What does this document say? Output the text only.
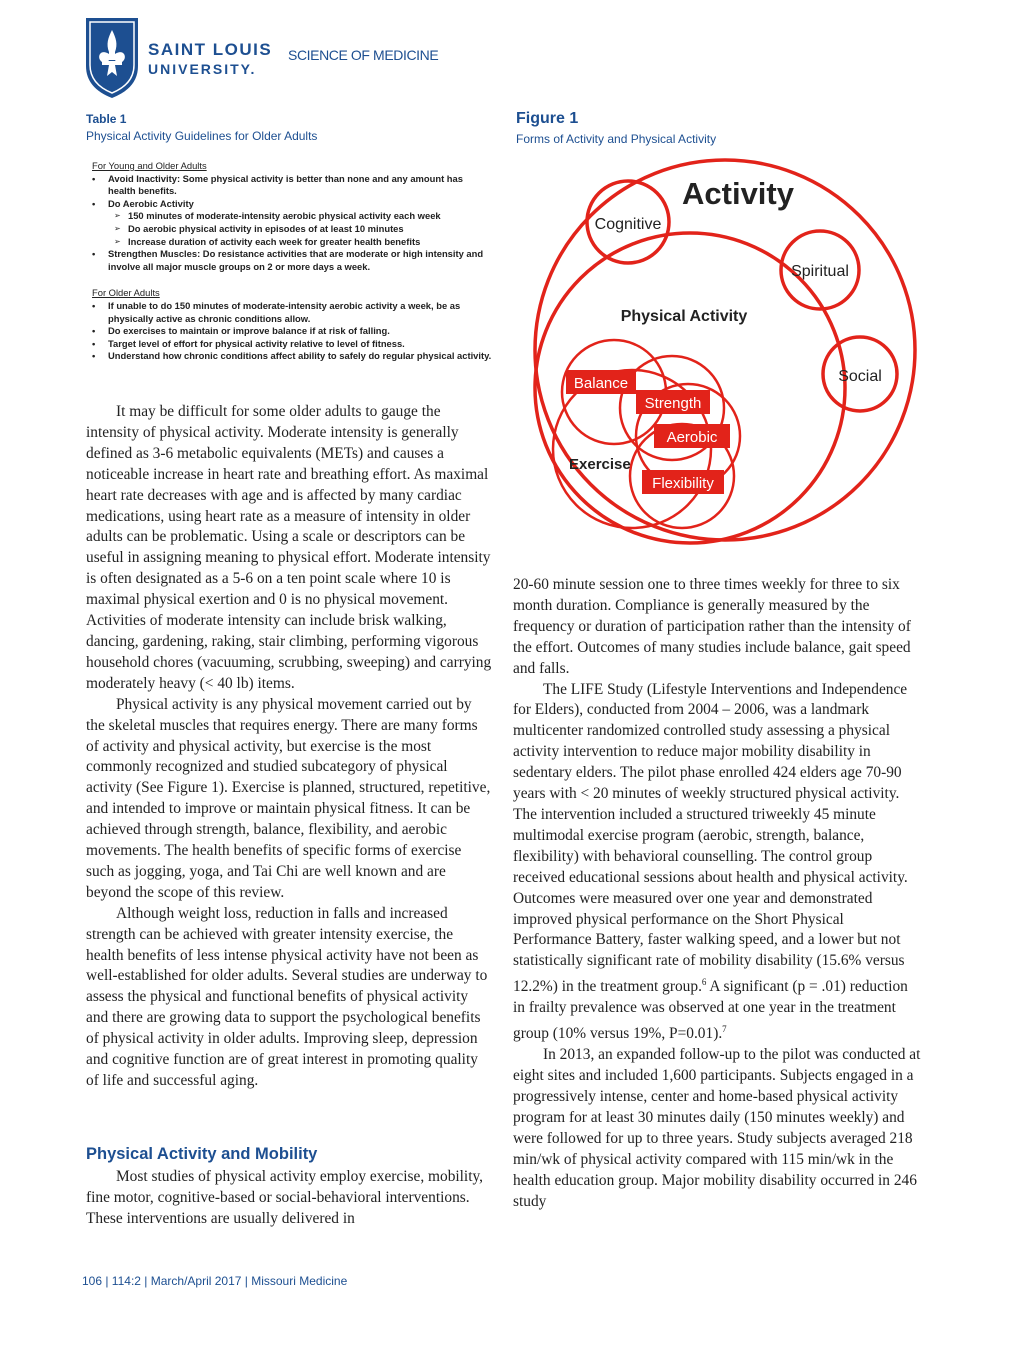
SAINT LOUIS
UNIVERSITY.
SCIENCE OF MEDICINE
Table 1
Physical Activity Guidelines for Older Adults
For Young and Older Adults
• Avoid Inactivity: Some physical activity is better than none and any amount has health benefits.
• Do Aerobic Activity
➢ 150 minutes of moderate-intensity aerobic physical activity each week
➢ Do aerobic physical activity in episodes of at least 10 minutes
➢ Increase duration of activity each week for greater health benefits
• Strengthen Muscles: Do resistance activities that are moderate or high intensity and involve all major muscle groups on 2 or more days a week.
For Older Adults
• If unable to do 150 minutes of moderate-intensity aerobic activity a week, be as physically active as chronic conditions allow.
• Do exercises to maintain or improve balance if at risk of falling.
• Target level of effort for physical activity relative to level of fitness.
• Understand how chronic conditions affect ability to safely do regular physical activity.
Figure 1
Forms of Activity and Physical Activity
Activity
Cognitive
Spiritual
Social
Physical Activity
Balance
Strength
Aerobic
Exercise
Flexibility

It may be difficult for some older adults to gauge the intensity of physical activity. Moderate intensity is generally defined as 3-6 metabolic equivalents (METs) and causes a noticeable increase in heart rate and breathing effort. As maximal heart rate decreases with age and is affected by many cardiac medications, using heart rate as a measure of intensity in older adults can be problematic. Using a scale or descriptors can be useful in assigning meaning to physical effort. Moderate intensity is often designated as a 5-6 on a ten point scale where 10 is maximal physical exertion and 0 is no physical movement. Activities of moderate intensity can include brisk walking, dancing, gardening, raking, stair climbing, performing vigorous household chores (vacuuming, scrubbing, sweeping) and carrying moderately heavy (< 40 lb) items.

Physical activity is any physical movement carried out by the skeletal muscles that requires energy. There are many forms of activity and physical activity, but exercise is the most commonly recognized and studied subcategory of physical activity (See Figure 1). Exercise is planned, structured, repetitive, and intended to improve or maintain physical fitness. It can be achieved through strength, balance, flexibility, and aerobic movements. The health benefits of specific forms of exercise such as jogging, yoga, and Tai Chi are well known and are beyond the scope of this review.

Although weight loss, reduction in falls and increased strength can be achieved with greater intensity exercise, the health benefits of less intense physical activity have not been as well-established for older adults. Several studies are underway to assess the physical and functional benefits of physical activity and there are growing data to support the psychological benefits of physical activity in older adults. Improving sleep, depression and cognitive function are of great interest in promoting quality of life and successful aging.

Physical Activity and Mobility

Most studies of physical activity employ exercise, mobility, fine motor, cognitive-based or social-behavioral interventions. These interventions are usually delivered in

20-60 minute session one to three times weekly for three to six month duration. Compliance is generally measured by the frequency or duration of participation rather than the intensity of the effort. Outcomes of many studies include balance, gait speed and falls.

The LIFE Study (Lifestyle Interventions and Independence for Elders), conducted from 2004 – 2006, was a landmark multicenter randomized controlled study assessing a physical activity intervention to reduce major mobility disability in sedentary elders. The pilot phase enrolled 424 elders age 70-90 years with < 20 minutes of weekly structured physical activity. The intervention included a structured triweekly 45 minute multimodal exercise program (aerobic, strength, balance, flexibility) with behavioral counselling. The control group received educational sessions about health and physical activity. Outcomes were measured over one year and demonstrated improved physical performance on the Short Physical Performance Battery, faster walking speed, and a lower but not statistically significant rate of mobility disability (15.6% versus 12.2%) in the treatment group.$^6$ A significant (p = .01) reduction in frailty prevalence was observed at one year in the treatment group (10% versus 19%, P=0.01).$^7$

In 2013, an expanded follow-up to the pilot was conducted at eight sites and included 1,600 participants. Subjects engaged in a progressively intense, center and home-based physical activity program for at least 30 minutes daily (150 minutes weekly) and were followed for up to three years. Study subjects averaged 218 min/wk of physical activity compared with 115 min/wk in the health education group. Major mobility disability occurred in 246 study

106 | 114:2 | March/April 2017 | Missouri Medicine
